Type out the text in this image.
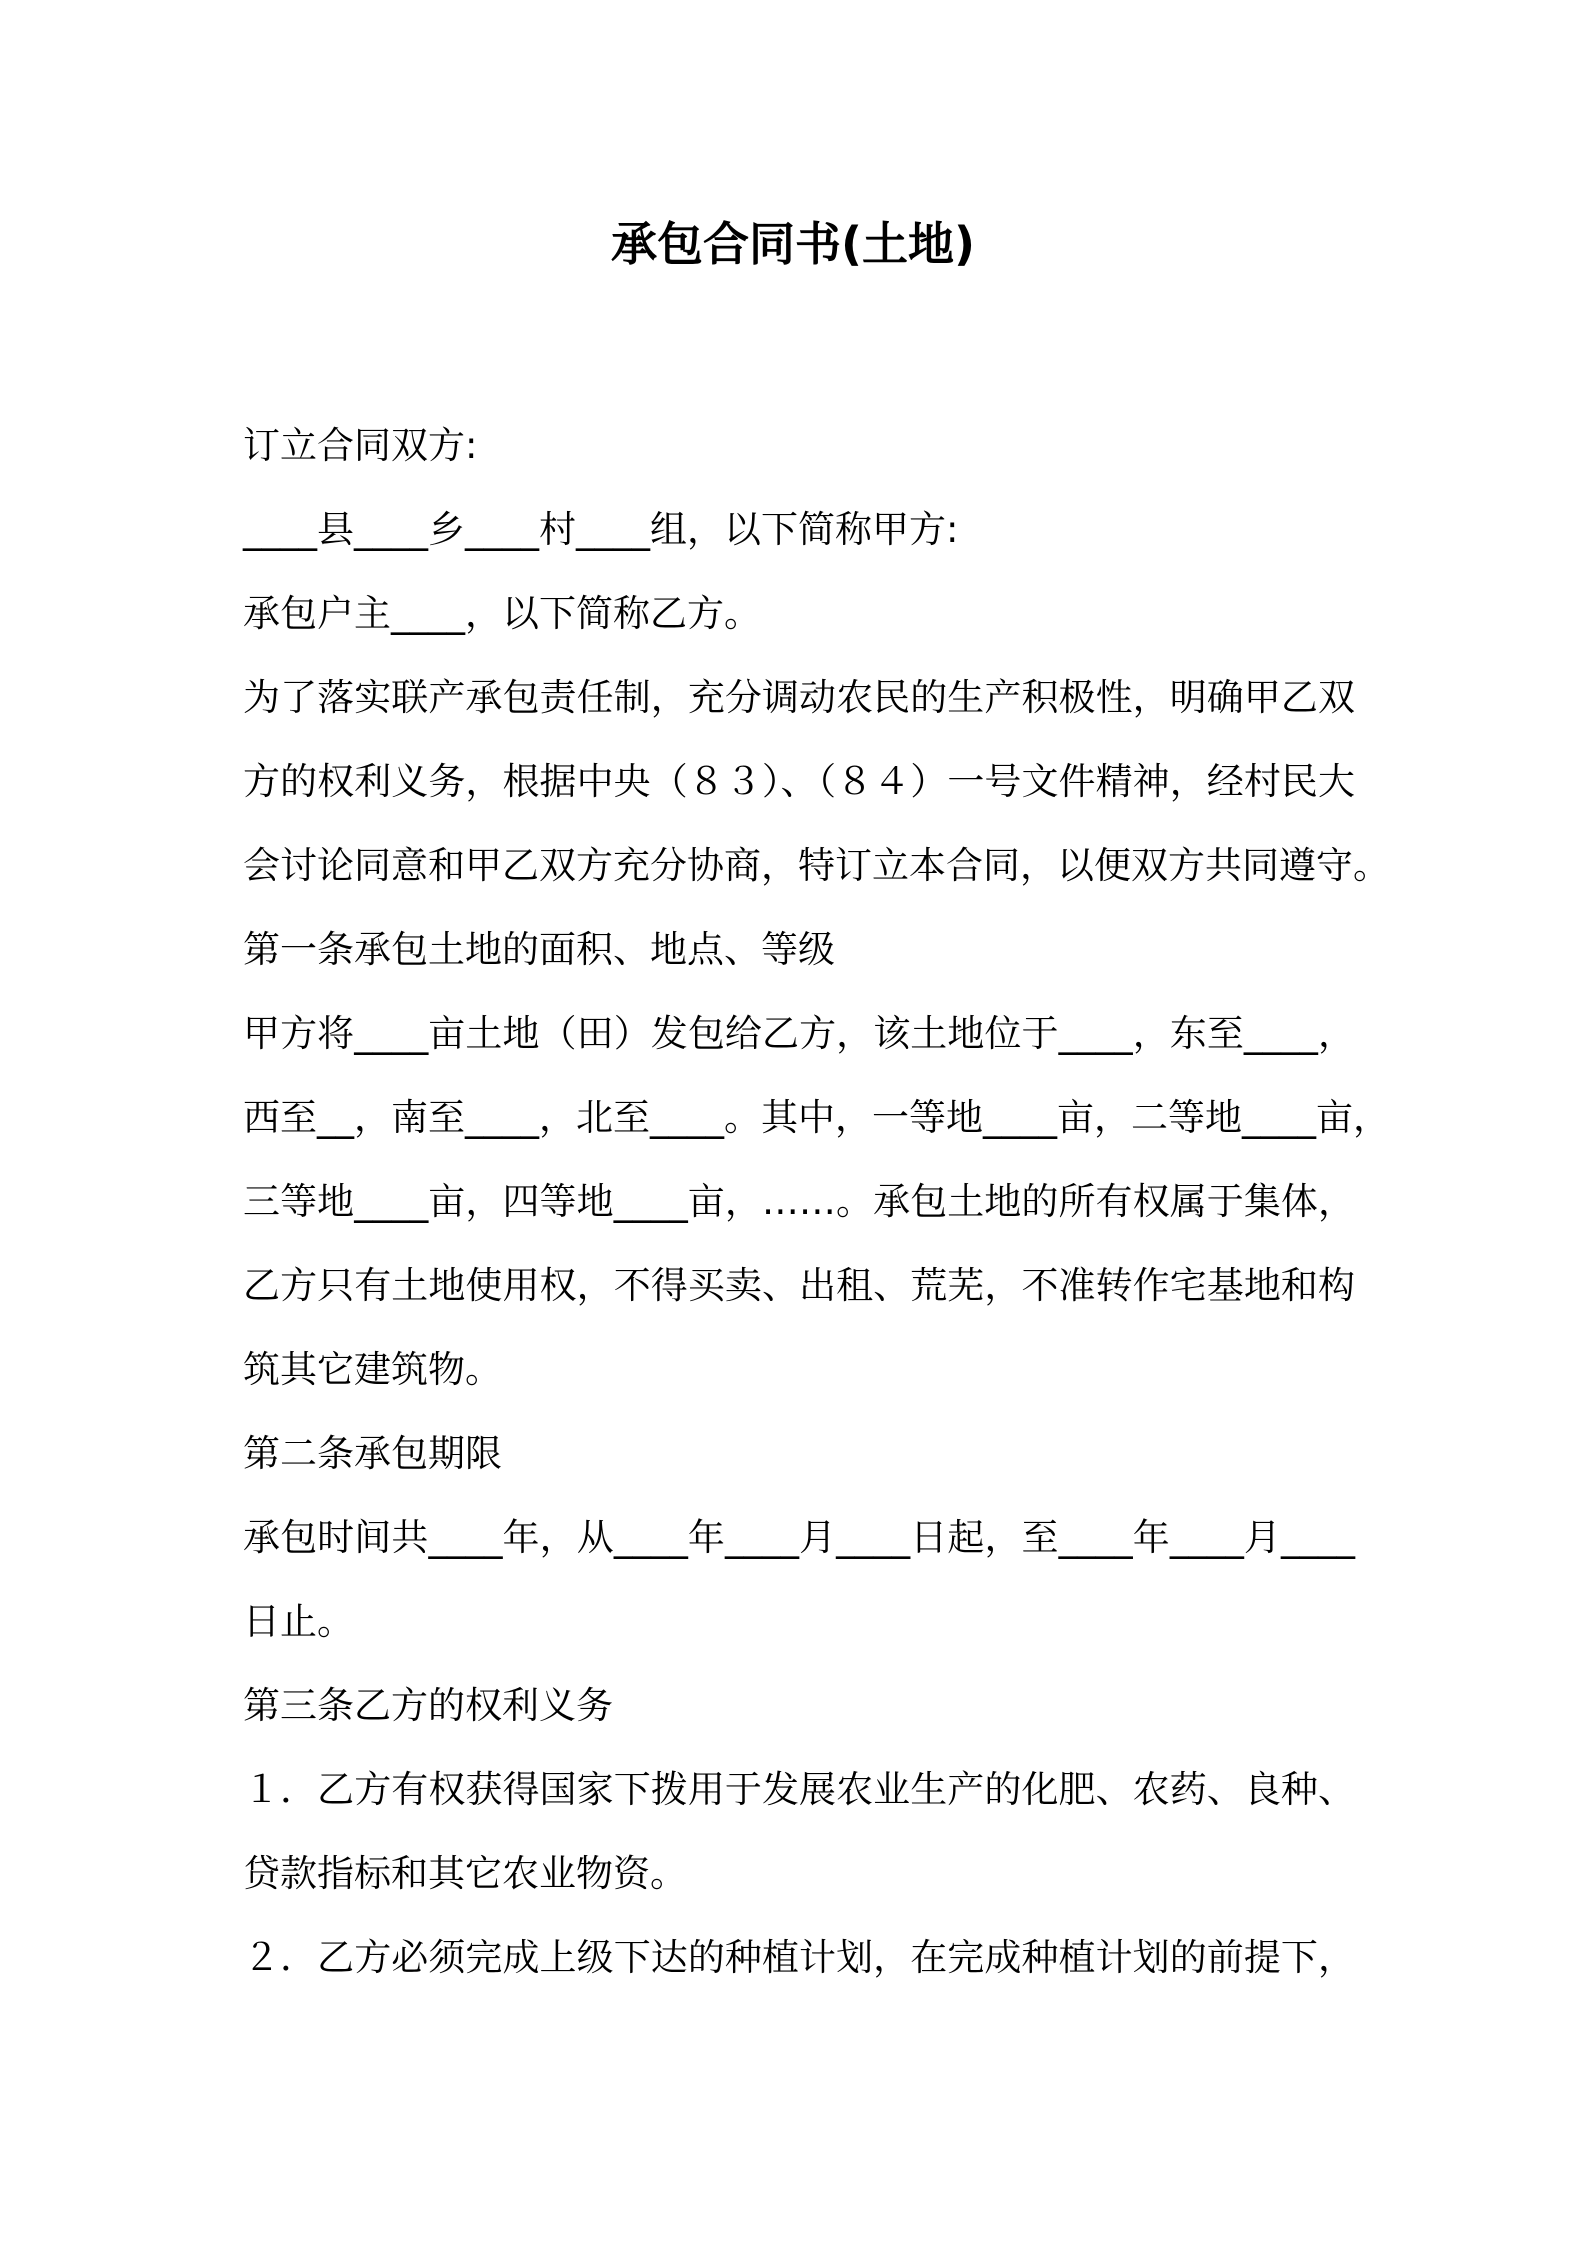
承包合同书(土地)
订立合同双方:
____县____乡____村____组，以下简称甲方:
承包户主____，以下简称乙方。
为了落实联产承包责任制，充分调动农民的生产积极性，明确甲乙双
方的权利义务，根据中央（８３）、（８４）一号文件精神，经村民大
会讨论同意和甲乙双方充分协商，特订立本合同，以便双方共同遵守。
第一条承包土地的面积、地点、等级
甲方将____亩土地（田）发包给乙方，该土地位于____，东至____，
西至__，南至____，北至____。其中，一等地____亩，二等地____亩，
三等地____亩，四等地____亩，……。承包土地的所有权属于集体，
乙方只有土地使用权，不得买卖、出租、荒芜，不准转作宅基地和构
筑其它建筑物。
第二条承包期限
承包时间共____年，从____年____月____日起，至____年____月____
日止。
第三条乙方的权利义务
１．乙方有权获得国家下拨用于发展农业生产的化肥、农药、良种、
贷款指标和其它农业物资。
２．乙方必须完成上级下达的种植计划，在完成种植计划的前提下，
